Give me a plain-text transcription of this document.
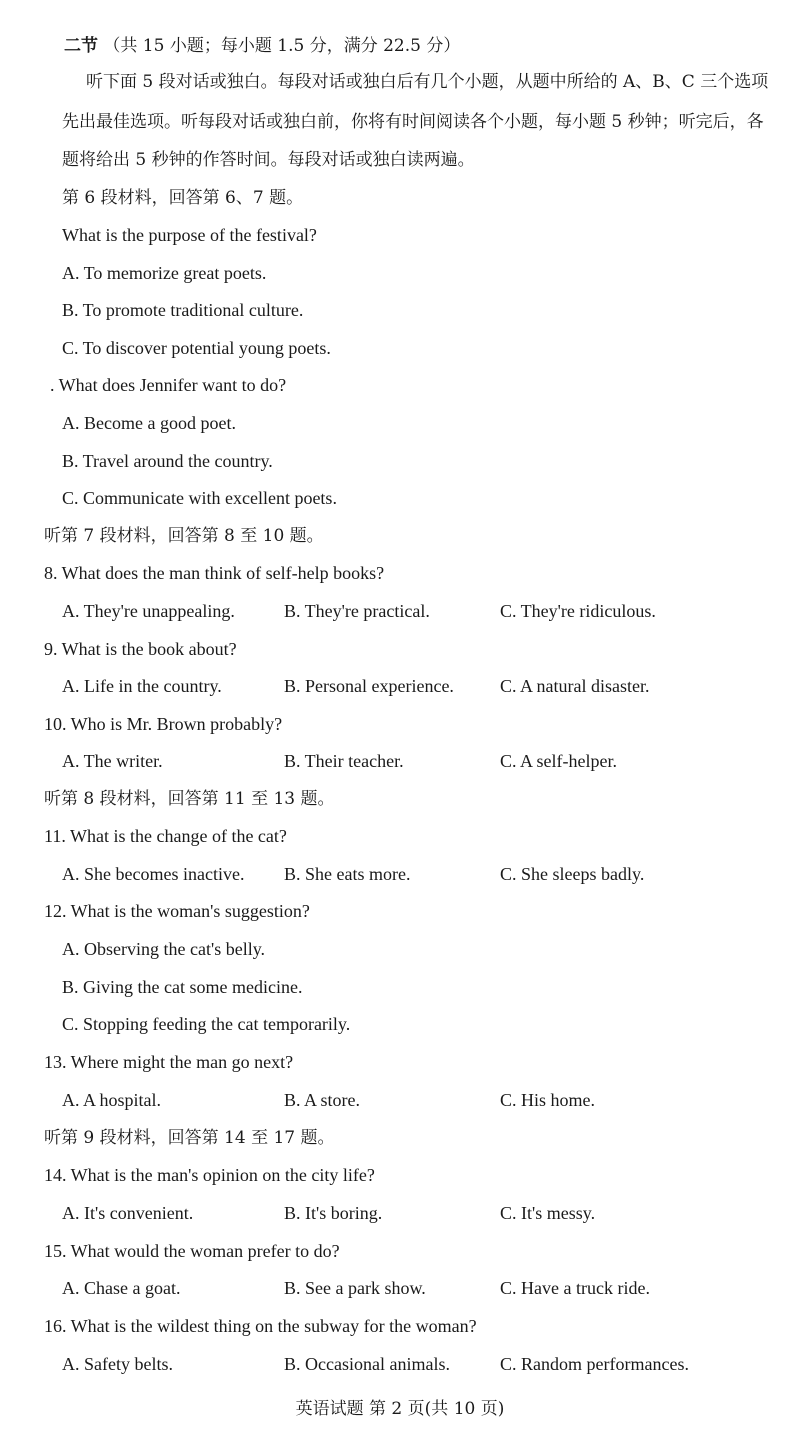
二节 （共 15 小题；每小题 1.5 分，满分 22.5 分）
听下面 5 段对话或独白。每段对话或独白后有几个小题，从题中所给的 A、B、C 三个选项
先出最佳选项。听每段对话或独白前，你将有时间阅读各个小题，每小题 5 秒钟；听完后，各
题将给出 5 秒钟的作答时间。每段对话或独白读两遍。
第 6 段材料，回答第 6、7 题。
What is the purpose of the festival?
A. To memorize great poets.
B. To promote traditional culture.
C. To discover potential young poets.
. What does Jennifer want to do?
A. Become a good poet.
B. Travel around the country.
C. Communicate with excellent poets.
听第 7 段材料，回答第 8 至 10 题。
8. What does the man think of self-help books?
A. They're unappealing.	B. They're practical.	C. They're ridiculous.
9. What is the book about?
A. Life in the country.	B. Personal experience.	C. A natural disaster.
10. Who is Mr. Brown probably?
A. The writer.	B. Their teacher.	C. A self-helper.
听第 8 段材料，回答第 11 至 13 题。
11. What is the change of the cat?
A. She becomes inactive. B. She eats more.	C. She sleeps badly.
12. What is the woman's suggestion?
A. Observing the cat's belly.
B. Giving the cat some medicine.
C. Stopping feeding the cat temporarily.
13. Where might the man go next?
A. A hospital.	B. A store.	C. His home.
听第 9 段材料，回答第 14 至 17 题。
14. What is the man's opinion on the city life?
A. It's convenient.	B. It's boring.	C. It's messy.
15. What would the woman prefer to do?
A. Chase a goat.	B. See a park show.	C. Have a truck ride.
16. What is the wildest thing on the subway for the woman?
A. Safety belts.	B. Occasional animals.	C. Random performances.
英语试题 第 2 页(共 10 页)
